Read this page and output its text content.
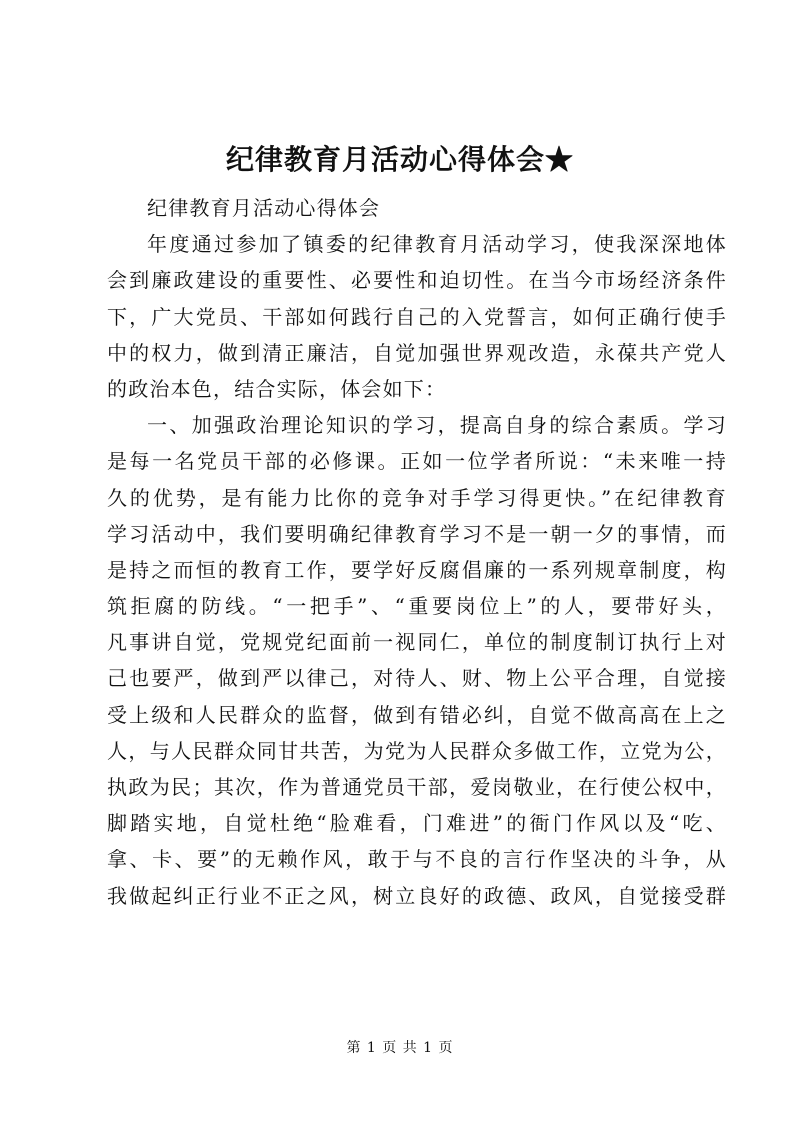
纪律教育月活动心得体会★
纪律教育月活动心得体会
年度通过参加了镇委的纪律教育月活动学习，使我深深地体
会到廉政建设的重要性、必要性和迫切性。在当今市场经济条件
下，广大党员、干部如何践行自己的入党誓言，如何正确行使手
中的权力，做到清正廉洁，自觉加强世界观改造，永葆共产党人
的政治本色，结合实际，体会如下：
一、加强政治理论知识的学习，提高自身的综合素质。学习
是每一名党员干部的必修课。正如一位学者所说：“未来唯一持
久的优势，是有能力比你的竞争对手学习得更快。”在纪律教育
学习活动中，我们要明确纪律教育学习不是一朝一夕的事情，而
是持之而恒的教育工作，要学好反腐倡廉的一系列规章制度，构
筑拒腐的防线。“一把手”、“重要岗位上”的人，要带好头，
凡事讲自觉，党规党纪面前一视同仁，单位的制度制订执行上对
己也要严，做到严以律己，对待人、财、物上公平合理，自觉接
受上级和人民群众的监督，做到有错必纠，自觉不做高高在上之
人，与人民群众同甘共苦，为党为人民群众多做工作，立党为公，
执政为民；其次，作为普通党员干部，爱岗敬业，在行使公权中，
脚踏实地，自觉杜绝“脸难看，门难进”的衙门作风以及“吃、
拿、卡、要”的无赖作风，敢于与不良的言行作坚决的斗争，从
我做起纠正行业不正之风，树立良好的政德、政风，自觉接受群
第 1 页 共 1 页
